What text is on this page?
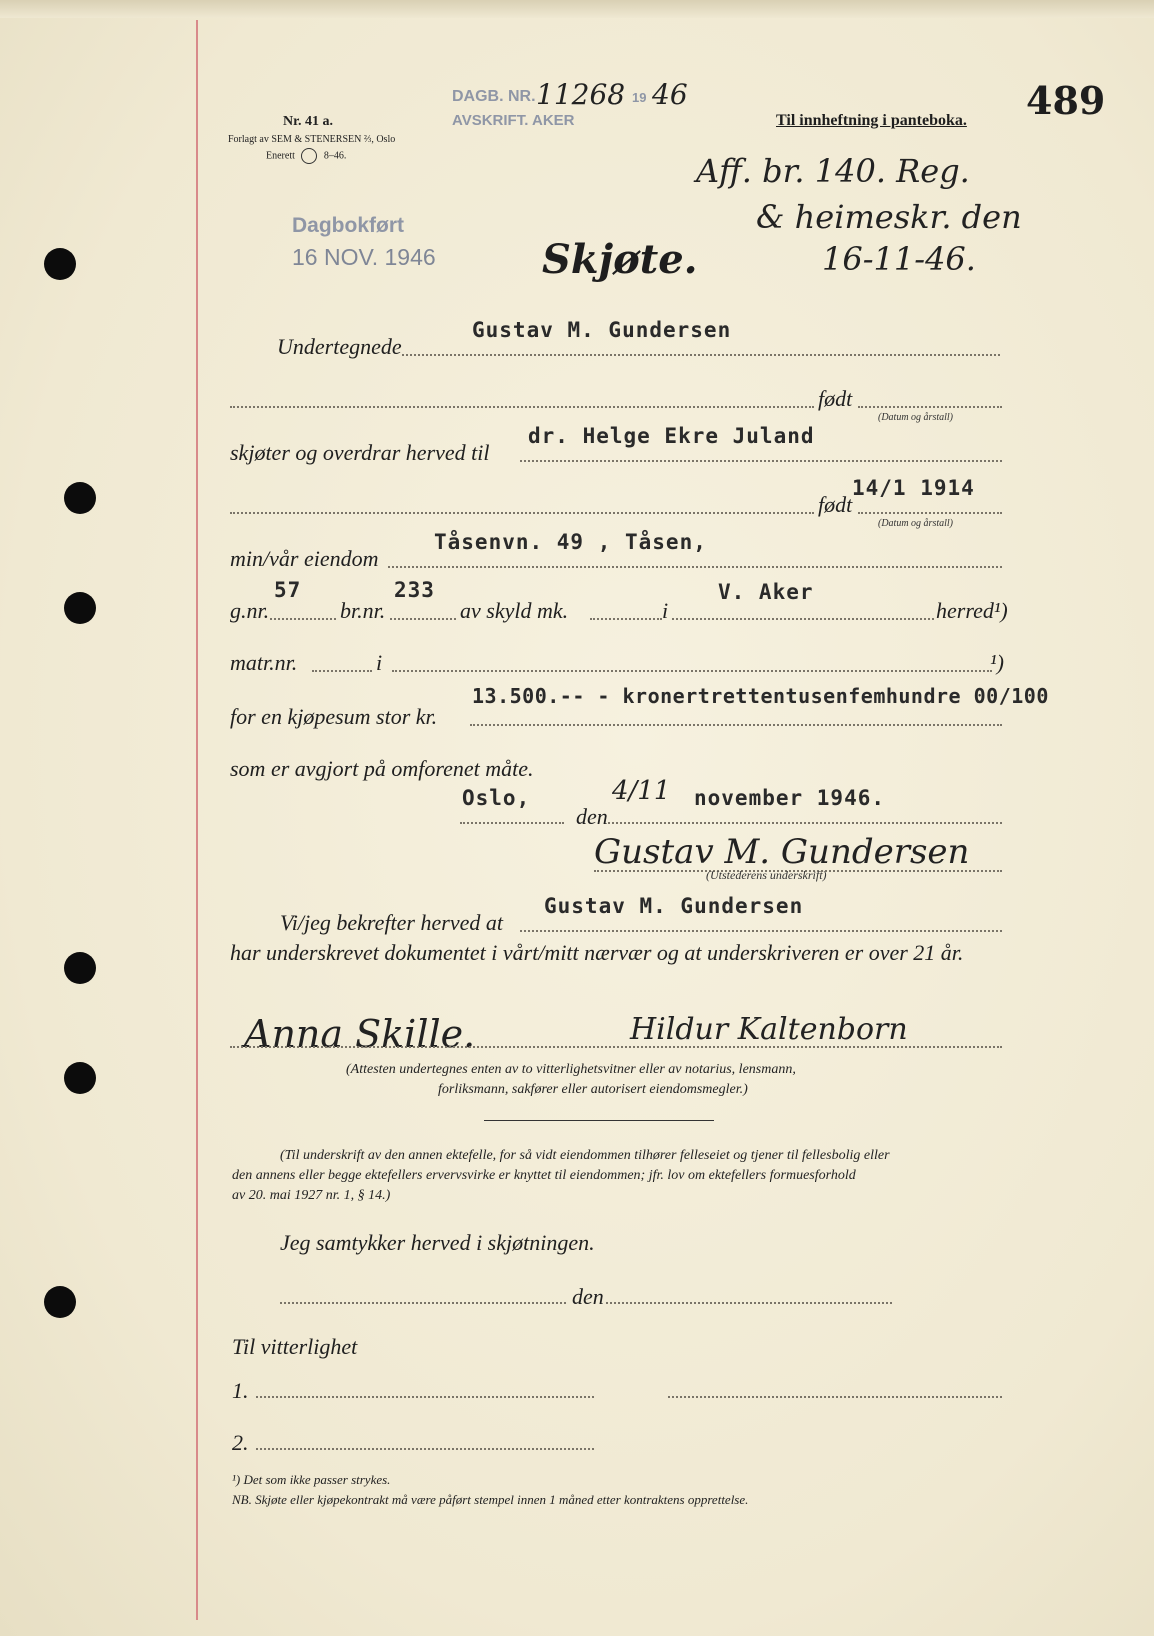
Nr. 41 a.
Forlagt av SEM & STENERSEN ⅔, Oslo
Enerett	8–46.
DAGB. NR. 11268 19 46
AVSKRIFT. AKER	Til innheftning i panteboka. 489
Dagbokført
16 NOV. 1946
Aff. br. 140. Reg.
& heimeskr. den
16-11-46.
Skjøte.
Undertegnede
Gustav M. Gundersen
født
(Datum og årstall)
skjøter og overdrar herved til
dr. Helge Ekre Juland
født
14/1 1914
(Datum og årstall)
min/vår eiendom
Tåsenvn. 49 , Tåsen,
g.nr.
57
br.nr.
233
av skyld mk.	i
V. Aker
herred¹)
matr.nr.	i	¹)
for en kjøpesum stor kr.
13.500.-- - kronertrettentusenfemhundre 00/100
som er avgjort på omforenet måte.
Oslo,
den
4/11 november 1946.
Gustav M. Gundersen
(Utstederens underskrift)
Vi/jeg bekrefter herved at
Gustav M. Gundersen
har underskrevet dokumentet i vårt/mitt nærvær og at underskriveren er over 21 år.
Anna Skille.	Hildur Kaltenborn
(Attesten undertegnes enten av to vitterlighetsvitner eller av notarius, lensmann,
forliksmann, sakfører eller autorisert eiendomsmegler.)
(Til underskrift av den annen ektefelle, for så vidt eiendommen tilhører felleseiet og tjener til fellesbolig eller
den annens eller begge ektefellers ervervsvirke er knyttet til eiendommen; jfr. lov om ektefellers formuesforhold
av 20. mai 1927 nr. 1, § 14.)
Jeg samtykker herved i skjøtningen.
den
Til vitterlighet
1.
2.
¹) Det som ikke passer strykes.
NB. Skjøte eller kjøpekontrakt må være påført stempel innen 1 måned etter kontraktens opprettelse.
